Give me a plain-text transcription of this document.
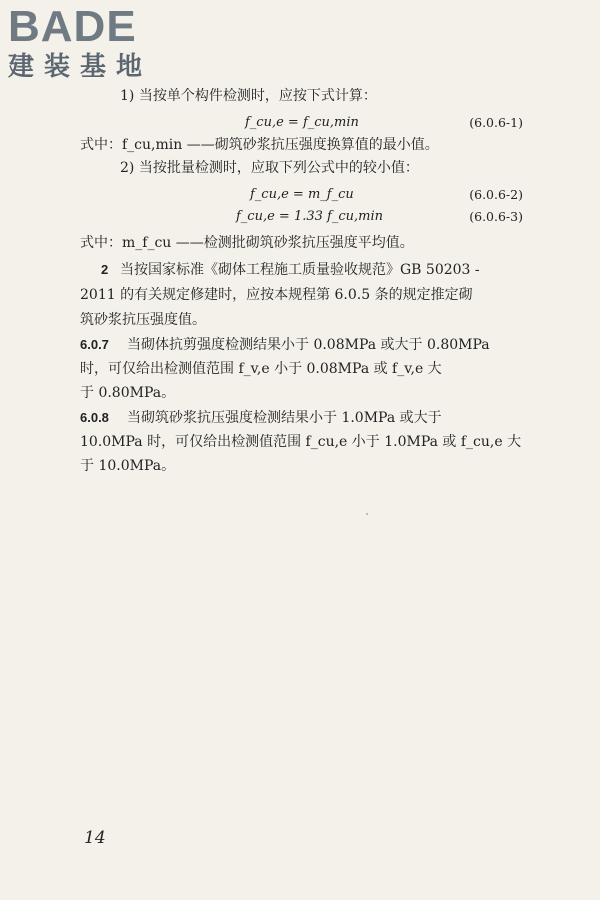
BADE
建装基地
1) 当按单个构件检测时，应按下式计算：
f_cu,e = f_cu,min	(6.0.6-1)
式中：f_cu,min ——砌筑砂浆抗压强度换算值的最小值。
2) 当按批量检测时，应取下列公式中的较小值：
f_cu,e = m_f_cu	(6.0.6-2)
f_cu,e = 1.33 f_cu,min	(6.0.6-3)
式中：m_f_cu ——检测批砌筑砂浆抗压强度平均值。
2 当按国家标准《砌体工程施工质量验收规范》GB 50203 -
2011 的有关规定修建时，应按本规程第 6.0.5 条的规定推定砌
筑砂浆抗压强度值。
6.0.7 当砌体抗剪强度检测结果小于 0.08MPa 或大于 0.80MPa
时，可仅给出检测值范围 f_v,e 小于 0.08MPa 或 f_v,e 大
于 0.80MPa。
6.0.8 当砌筑砂浆抗压强度检测结果小于 1.0MPa 或大于
10.0MPa 时，可仅给出检测值范围 f_cu,e 小于 1.0MPa 或 f_cu,e 大
于 10.0MPa。
14
